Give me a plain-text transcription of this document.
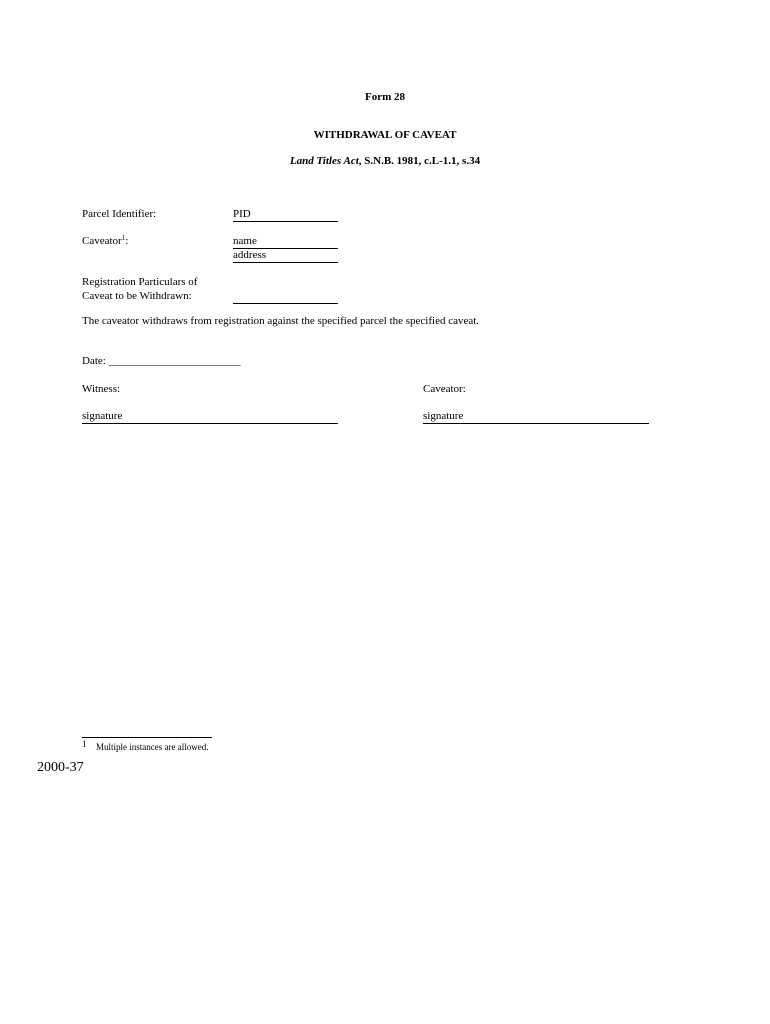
Form 28
WITHDRAWAL OF CAVEAT
Land Titles Act, S.N.B. 1981, c.L-1.1, s.34
Parcel Identifier:	PID
Caveator$^1$:	name
address
Registration Particulars of
Caveat to be Withdrawn:
The caveator withdraws from registration against the specified parcel the specified caveat.
Date: ________________________
Witness:	Caveator:
signature	signature
1 Multiple instances are allowed.
2000-37
